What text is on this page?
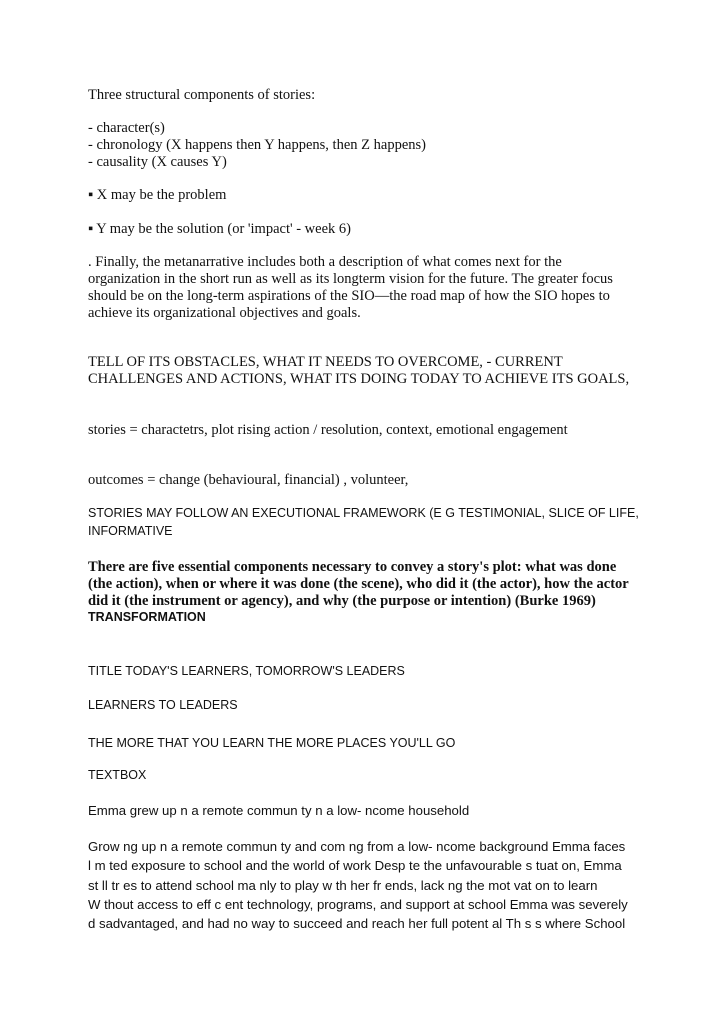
Three structural components of stories:

- character(s)
- chronology (X happens then Y happens, then Z happens)
- causality (X causes Y)

▪ X may be the problem

▪ Y may be the solution (or 'impact' - week 6)

. Finally, the metanarrative includes both a description of what comes next for the
organization in the short run as well as its longterm vision for the future. The greater focus
should be on the long-term aspirations of the SIO—the road map of how the SIO hopes to
achieve its organizational objectives and goals.
TELL OF ITS OBSTACLES, WHAT IT NEEDS TO OVERCOME, - CURRENT
CHALLENGES AND ACTIONS, WHAT ITS DOING TODAY TO ACHIEVE ITS GOALS,

stories = charactetrs, plot rising action / resolution, context, emotional engagement

outcomes = change (behavioural, financial) , volunteer,

STORIES MAY FOLLOW AN EXECUTIONAL FRAMEWORK (E G TESTIMONIAL, SLICE OF LIFE,
INFORMATIVE
There are five essential components necessary to convey a story's plot: what was done
(the action), when or where it was done (the scene), who did it (the actor), how the actor
did it (the instrument or agency), and why (the purpose or intention) (Burke 1969)

TRANSFORMATION

TITLE TODAY'S LEARNERS, TOMORROW'S LEADERS

LEARNERS TO LEADERS

THE MORE THAT YOU LEARN THE MORE PLACES YOU'LL GO

TEXTBOX

Emma grew up n a remote commun ty n a low- ncome household

Grow ng up n a remote commun ty and com ng from a low- ncome background Emma faces
l m ted exposure to school and the world of work Desp te the unfavourable s tuat on, Emma
st ll tr es to attend school ma nly to play w th her fr ends, lack ng the mot vat on to learn
W thout access to eff c ent technology, programs, and support at school Emma was severely
d sadvantaged, and had no way to succeed and reach her full potent al Th s s where School
